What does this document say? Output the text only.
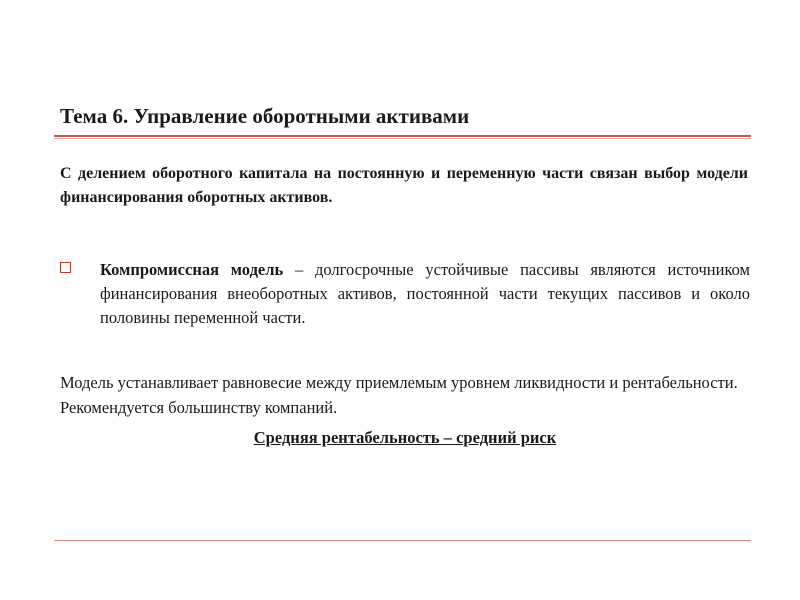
Тема 6. Управление оборотными активами
С делением оборотного капитала на постоянную и переменную части связан выбор модели финансирования оборотных активов.
Компромиссная модель – долгосрочные устойчивые пассивы являются источником финансирования внеоборотных активов, постоянной части текущих пассивов и около половины переменной части.
Модель устанавливает равновесие между приемлемым уровнем ликвидности и рентабельности. Рекомендуется большинству компаний.
Средняя рентабельность – средний риск
